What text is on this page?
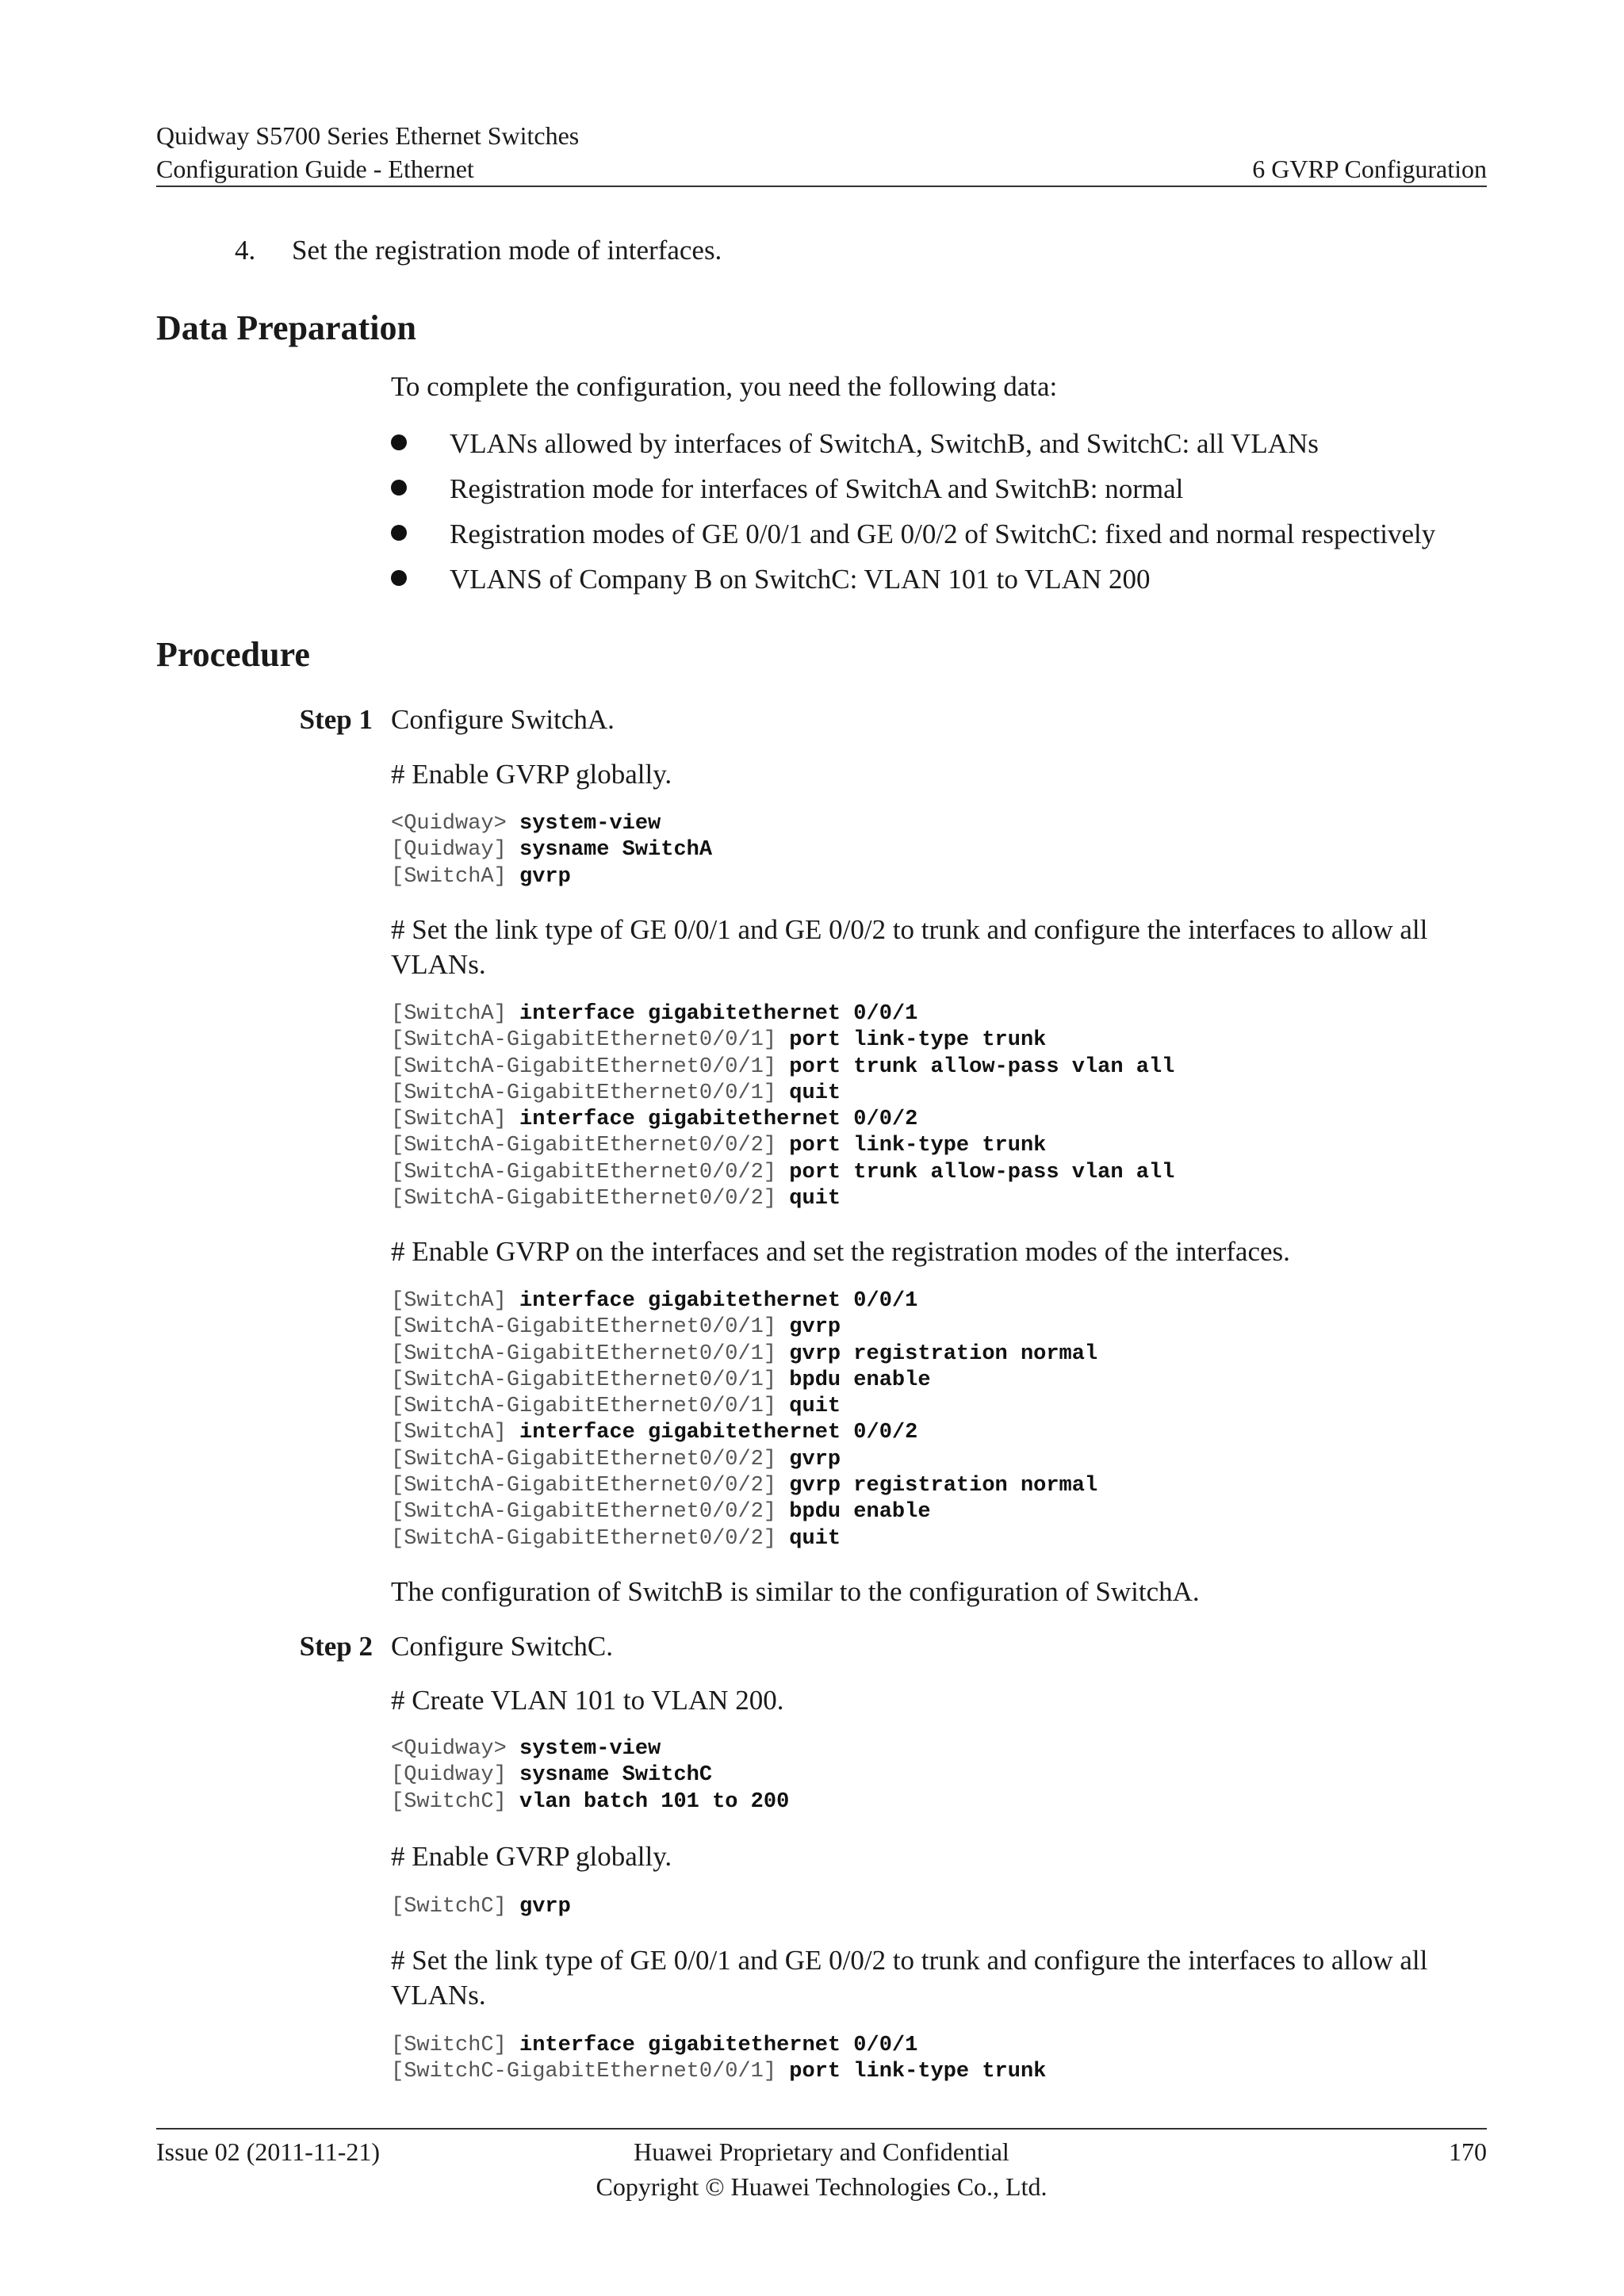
Quidway S5700 Series Ethernet Switches
Configuration Guide - Ethernet	6 GVRP Configuration
4. Set the registration mode of interfaces.
Data Preparation
To complete the configuration, you need the following data:
VLANs allowed by interfaces of SwitchA, SwitchB, and SwitchC: all VLANs
Registration mode for interfaces of SwitchA and SwitchB: normal
Registration modes of GE 0/0/1 and GE 0/0/2 of SwitchC: fixed and normal respectively
VLANS of Company B on SwitchC: VLAN 101 to VLAN 200
Procedure
Step 1 Configure SwitchA.
# Enable GVRP globally.
<Quidway> system-view
[Quidway] sysname SwitchA
[SwitchA] gvrp
# Set the link type of GE 0/0/1 and GE 0/0/2 to trunk and configure the interfaces to allow all VLANs.
[SwitchA] interface gigabitethernet 0/0/1
[SwitchA-GigabitEthernet0/0/1] port link-type trunk
[SwitchA-GigabitEthernet0/0/1] port trunk allow-pass vlan all
[SwitchA-GigabitEthernet0/0/1] quit
[SwitchA] interface gigabitethernet 0/0/2
[SwitchA-GigabitEthernet0/0/2] port link-type trunk
[SwitchA-GigabitEthernet0/0/2] port trunk allow-pass vlan all
[SwitchA-GigabitEthernet0/0/2] quit
# Enable GVRP on the interfaces and set the registration modes of the interfaces.
[SwitchA] interface gigabitethernet 0/0/1
[SwitchA-GigabitEthernet0/0/1] gvrp
[SwitchA-GigabitEthernet0/0/1] gvrp registration normal
[SwitchA-GigabitEthernet0/0/1] bpdu enable
[SwitchA-GigabitEthernet0/0/1] quit
[SwitchA] interface gigabitethernet 0/0/2
[SwitchA-GigabitEthernet0/0/2] gvrp
[SwitchA-GigabitEthernet0/0/2] gvrp registration normal
[SwitchA-GigabitEthernet0/0/2] bpdu enable
[SwitchA-GigabitEthernet0/0/2] quit
The configuration of SwitchB is similar to the configuration of SwitchA.
Step 2 Configure SwitchC.
# Create VLAN 101 to VLAN 200.
<Quidway> system-view
[Quidway] sysname SwitchC
[SwitchC] vlan batch 101 to 200
# Enable GVRP globally.
[SwitchC] gvrp
# Set the link type of GE 0/0/1 and GE 0/0/2 to trunk and configure the interfaces to allow all VLANs.
[SwitchC] interface gigabitethernet 0/0/1
[SwitchC-GigabitEthernet0/0/1] port link-type trunk
Issue 02 (2011-11-21)	Huawei Proprietary and Confidential
Copyright © Huawei Technologies Co., Ltd.
170
